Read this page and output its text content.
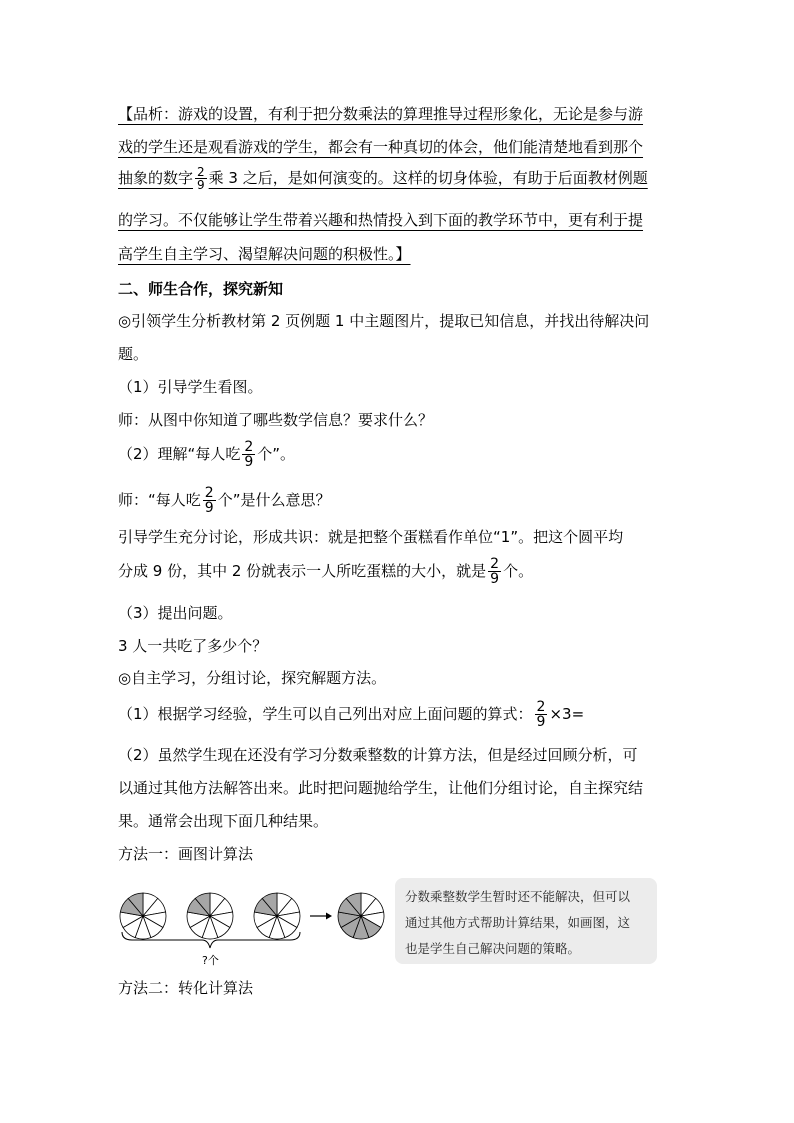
【品析：游戏的设置，有利于把分数乘法的算理推导过程形象化，无论是参与游
戏的学生还是观看游戏的学生，都会有一种真切的体会，他们能清楚地看到那个
抽象的数字 $\frac{2}{9}$ 乘 3 之后，是如何演变的。这样的切身体验，有助于后面教材例题
的学习。不仅能够让学生带着兴趣和热情投入到下面的教学环节中，更有利于提
高学生自主学习、渴望解决问题的积极性。】
二、师生合作，探究新知
◎引领学生分析教材第 2 页例题 1 中主题图片，提取已知信息，并找出待解决问
题。
（1）引导学生看图。
师：从图中你知道了哪些数学信息？要求什么？
（2）理解“每人吃 $\frac{2}{9}$ 个”。
师：“每人吃 $\frac{2}{9}$ 个”是什么意思？
引导学生充分讨论，形成共识：就是把整个蛋糕看作单位“1”。把这个圆平均
分成 9 份，其中 2 份就表示一人所吃蛋糕的大小，就是 $\frac{2}{9}$ 个。
（3）提出问题。
3 人一共吃了多少个？
◎自主学习，分组讨论，探究解题方法。
（1）根据学习经验，学生可以自己列出对应上面问题的算式： $\frac{2}{9} \times 3=$
（2）虽然学生现在还没有学习分数乘整数的计算方法，但是经过回顾分析，可
以通过其他方法解答出来。此时把问题抛给学生，让他们分组讨论，自主探究结
果。通常会出现下面几种结果。
方法一：画图计算法
?个
分数乘整数学生暂时还不能解决，但可以
通过其他方式帮助计算结果，如画图，这
也是学生自己解决问题的策略。
方法二：转化计算法
